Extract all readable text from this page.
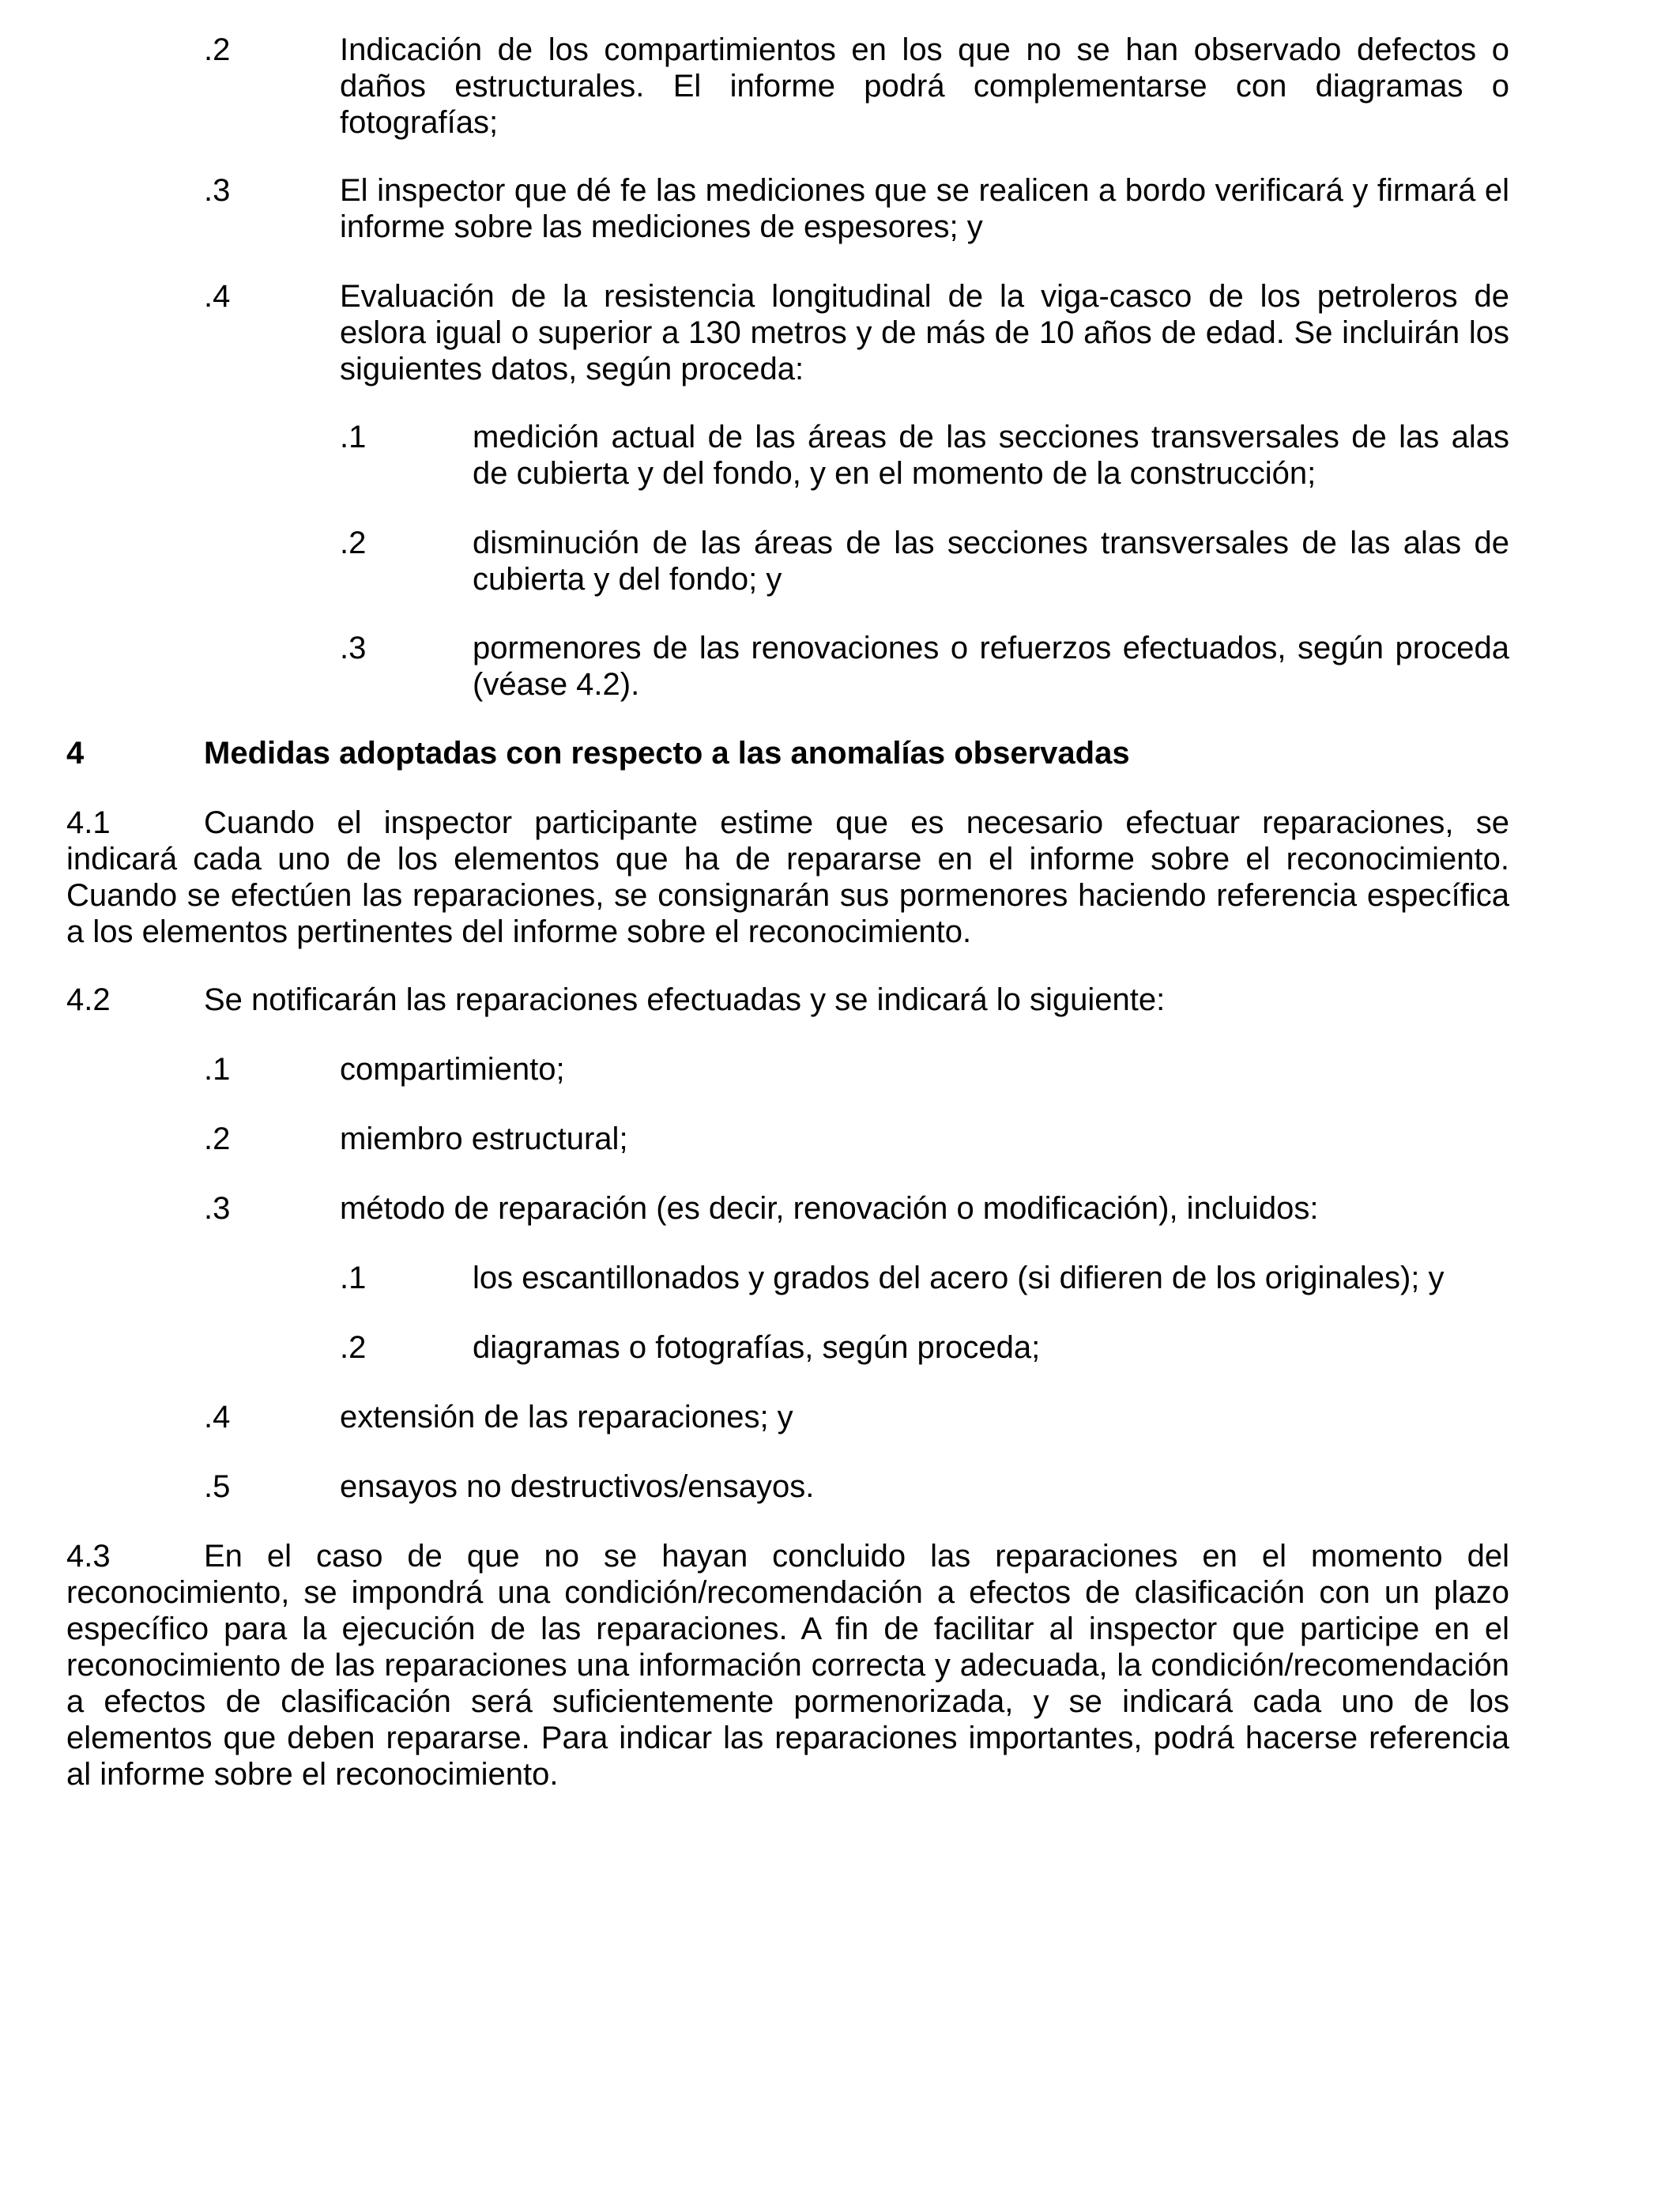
.2	Indicación de los compartimientos en los que no se han observado defectos o daños estructurales. El informe podrá complementarse con diagramas o fotografías;

.3	El inspector que dé fe las mediciones que se realicen a bordo verificará y firmará el informe sobre las mediciones de espesores; y

.4	Evaluación de la resistencia longitudinal de la viga-casco de los petroleros de eslora igual o superior a 130 metros y de más de 10 años de edad. Se incluirán los siguientes datos, según proceda:

.1	medición actual de las áreas de las secciones transversales de las alas de cubierta y del fondo, y en el momento de la construcción;

.2	disminución de las áreas de las secciones transversales de las alas de cubierta y del fondo; y

.3	pormenores de las renovaciones o refuerzos efectuados, según proceda (véase 4.2).

4	Medidas adoptadas con respecto a las anomalías observadas

4.1	Cuando el inspector participante estime que es necesario efectuar reparaciones, se

indicará cada uno de los elementos que ha de repararse en el informe sobre el reconocimiento. Cuando se efectúen las reparaciones, se consignarán sus pormenores haciendo referencia específica a los elementos pertinentes del informe sobre el reconocimiento.

4.2	Se notificarán las reparaciones efectuadas y se indicará lo siguiente:

.1	compartimiento;

.2	miembro estructural;

.3	método de reparación (es decir, renovación o modificación), incluidos:

.1	los escantillonados y grados del acero (si difieren de los originales); y

.2	diagramas o fotografías, según proceda;

.4	extensión de las reparaciones; y

.5	ensayos no destructivos/ensayos.

4.3	En el caso de que no se hayan concluido las reparaciones en el momento del

reconocimiento, se impondrá una condición/recomendación a efectos de clasificación con un plazo específico para la ejecución de las reparaciones. A fin de facilitar al inspector que participe en el reconocimiento de las reparaciones una información correcta y adecuada, la condición/recomendación a efectos de clasificación será suficientemente pormenorizada, y se indicará cada uno de los elementos que deben repararse. Para indicar las reparaciones importantes, podrá hacerse referencia al informe sobre el reconocimiento.
